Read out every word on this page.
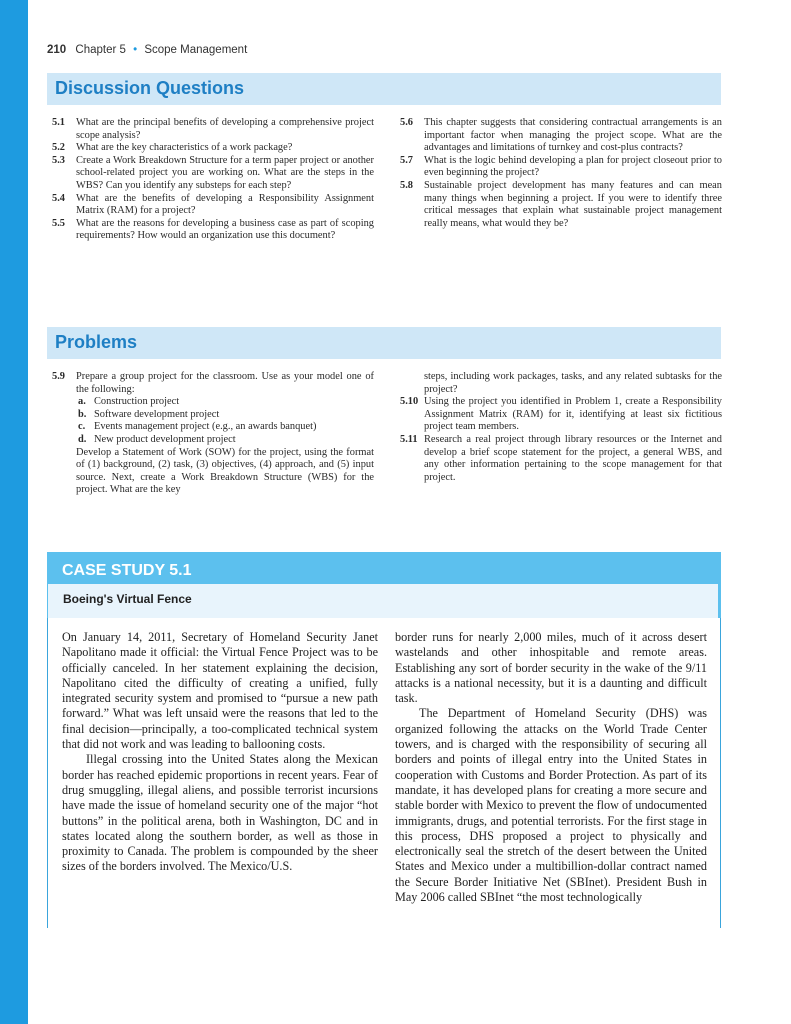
210 Chapter 5 • Scope Management
Discussion Questions
5.1 What are the principal benefits of developing a comprehensive project scope analysis?
5.2 What are the key characteristics of a work package?
5.3 Create a Work Breakdown Structure for a term paper project or another school-related project you are working on. What are the steps in the WBS? Can you identify any substeps for each step?
5.4 What are the benefits of developing a Responsibility Assignment Matrix (RAM) for a project?
5.5 What are the reasons for developing a business case as part of scoping requirements? How would an organization use this document?
5.6 This chapter suggests that considering contractual arrangements is an important factor when managing the project scope. What are the advantages and limitations of turnkey and cost-plus contracts?
5.7 What is the logic behind developing a plan for project closeout prior to even beginning the project?
5.8 Sustainable project development has many features and can mean many things when beginning a project. If you were to identify three critical messages that explain what sustainable project management really means, what would they be?
Problems
5.9 Prepare a group project for the classroom. Use as your model one of the following:
a. Construction project
b. Software development project
c. Events management project (e.g., an awards banquet)
d. New product development project
Develop a Statement of Work (SOW) for the project, using the format of (1) background, (2) task, (3) objectives, (4) approach, and (5) input source. Next, create a Work Breakdown Structure (WBS) for the project. What are the key
steps, including work packages, tasks, and any related subtasks for the project?
5.10 Using the project you identified in Problem 1, create a Responsibility Assignment Matrix (RAM) for it, identifying at least six fictitious project team members.
5.11 Research a real project through library resources or the Internet and develop a brief scope statement for the project, a general WBS, and any other information pertaining to the scope management for that project.
CASE STUDY 5.1
Boeing's Virtual Fence

On January 14, 2011, Secretary of Homeland Security Janet Napolitano made it official: the Virtual Fence Project was to be officially canceled. In her statement explaining the decision, Napolitano cited the difficulty of creating a unified, fully integrated security system and promised to “pursue a new path forward.” What was left unsaid were the reasons that led to the final decision—principally, a too-complicated technical system that did not work and was leading to ballooning costs.

Illegal crossing into the United States along the Mexican border has reached epidemic proportions in recent years. Fear of drug smuggling, illegal aliens, and possible terrorist incursions have made the issue of homeland security one of the major “hot buttons” in the political arena, both in Washington, DC and in states located along the southern border, as well as those in proximity to Canada. The problem is compounded by the sheer sizes of the borders involved. The Mexico/U.S.

border runs for nearly 2,000 miles, much of it across desert wastelands and other inhospitable and remote areas. Establishing any sort of border security in the wake of the 9/11 attacks is a national necessity, but it is a daunting and difficult task.

The Department of Homeland Security (DHS) was organized following the attacks on the World Trade Center towers, and is charged with the responsibility of securing all borders and points of illegal entry into the United States in cooperation with Customs and Border Protection. As part of its mandate, it has developed plans for creating a more secure and stable border with Mexico to prevent the flow of undocumented immigrants, drugs, and potential terrorists. For the first stage in this process, DHS proposed a project to physically and electronically seal the stretch of the desert between the United States and Mexico under a multibillion-dollar contract named the Secure Border Initiative Net (SBInet). President Bush in May 2006 called SBInet “the most technologically
